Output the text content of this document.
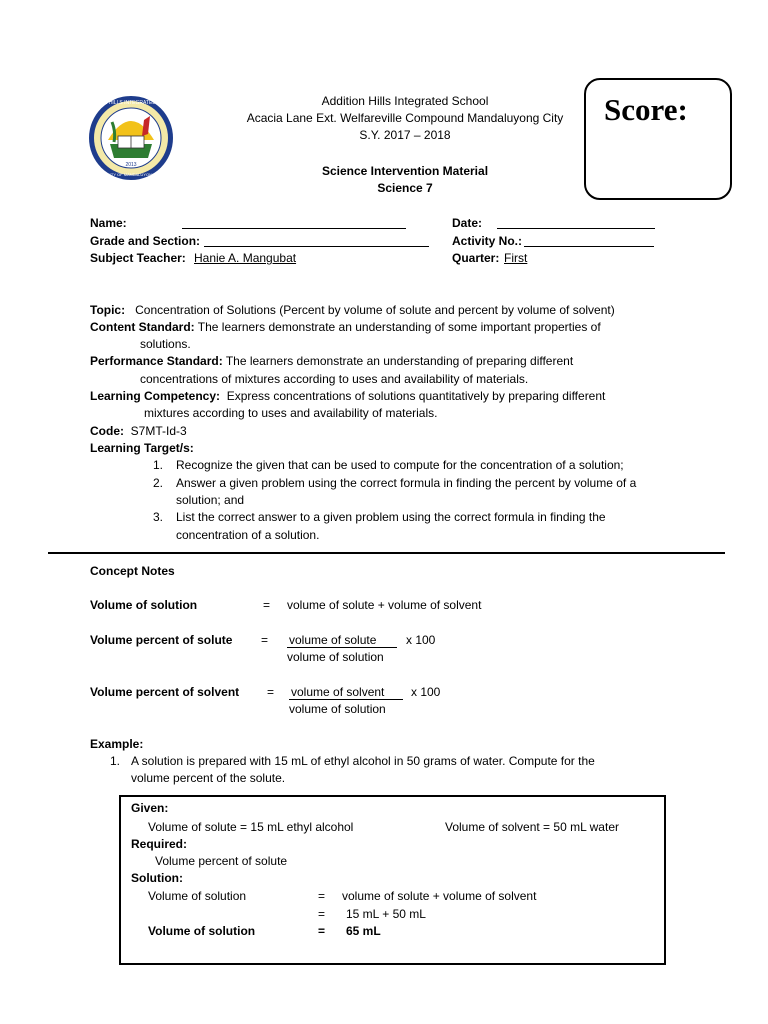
ADDITION HILLS INTEGRATED SCHOOL
2013
CITY OF MANDALUYONG
Addition Hills Integrated School
Acacia Lane Ext. Welfareville Compound Mandaluyong City
S.Y. 2017 – 2018
Science Intervention Material
Science 7
Score:
Name:
Grade and Section:
Subject Teacher: Hanie A. Mangubat
Date:
Activity No.:
Quarter: First
Topic: Concentration of Solutions (Percent by volume of solute and percent by volume of solvent)
Content Standard: The learners demonstrate an understanding of some important properties of
solutions.
Performance Standard: The learners demonstrate an understanding of preparing different
concentrations of mixtures according to uses and availability of materials.
Learning Competency: Express concentrations of solutions quantitatively by preparing different
mixtures according to uses and availability of materials.
Code: S7MT-Id-3
Learning Target/s:
1. Recognize the given that can be used to compute for the concentration of a solution;
2. Answer a given problem using the correct formula in finding the percent by volume of a
solution; and
3. List the correct answer to a given problem using the correct formula in finding the
concentration of a solution.
Concept Notes
Volume of solution	= volume of solute + volume of solvent
Volume percent of solute = $\frac{\text{volume of solute}}{\text{volume of solution}}$ x 100
Volume percent of solvent = $\frac{\text{volume of solvent}}{\text{volume of solution}}$ x 100
Example:
1. A solution is prepared with 15 mL of ethyl alcohol in 50 grams of water. Compute for the
volume percent of the solute.
Given:
Volume of solute = 15 mL ethyl alcohol	Volume of solvent = 50 mL water
Required:
Volume percent of solute
Solution:
Volume of solution	= volume of solute + volume of solvent
= 15 mL + 50 mL
Volume of solution	= 65 mL
